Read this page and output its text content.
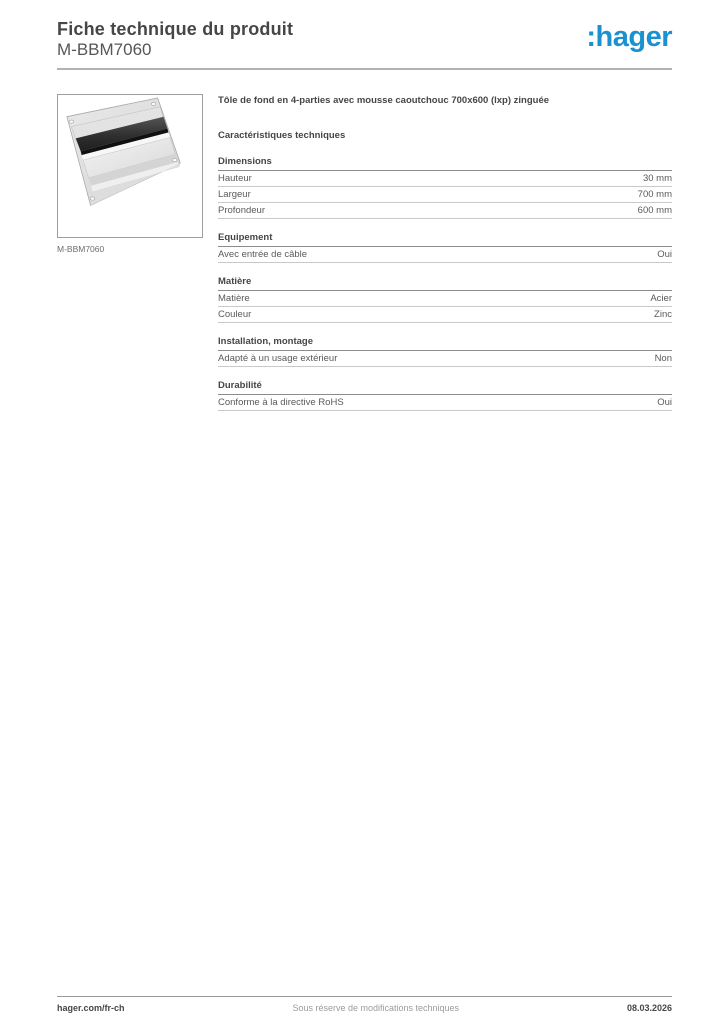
Fiche technique du produit
M-BBM7060	:hager
M-BBM7060
Tôle de fond en 4-parties avec mousse caoutchouc 700x600 (lxp) zinguée
Caractéristiques techniques
Dimensions
Hauteur	30 mm
Largeur	700 mm
Profondeur	600 mm
Equipement
Avec entrée de câble	Oui
Matière
Matière	Acier
Couleur	Zinc
Installation, montage
Adapté à un usage extérieur	Non
Durabilité
Conforme à la directive RoHS	Oui
hager.com/fr-ch	Sous réserve de modifications techniques	08.03.2026
